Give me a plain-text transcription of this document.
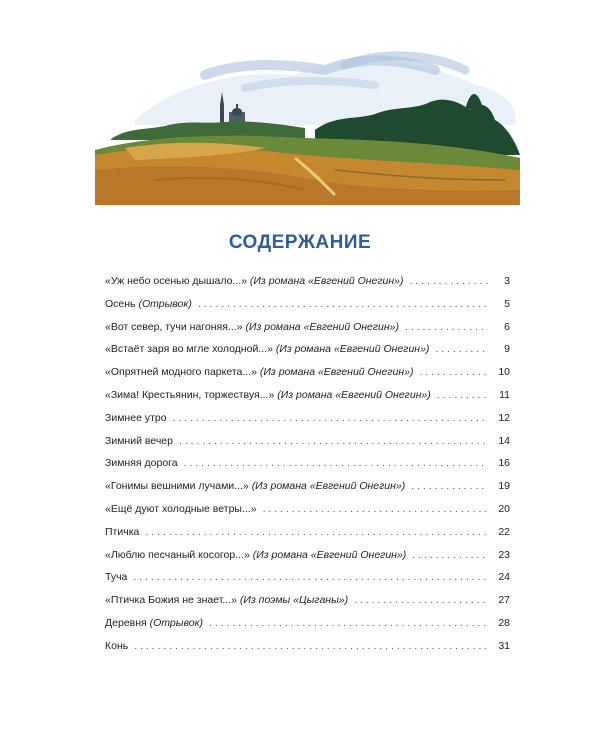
СОДЕРЖАНИЕ
«Уж небо осенью дышало...» (Из романа «Евгений Онегин») . . .	3
Осень (Отрывок) . . .	5
«Вот север, тучи нагоняя...» (Из романа «Евгений Онегин») . . .	6
«Встаёт заря во мгле холодной...» (Из романа «Евгений Онегин») . . .	9
«Опрятней модного паркета...» (Из романа «Евгений Онегин») . . .	10
«Зима! Крестьянин, торжествуя...» (Из романа «Евгений Онегин») . . .	11
Зимнее утро . . .	12
Зимний вечер . . .	14
Зимняя дорога . . .	16
«Гонимы вешними лучами...» (Из романа «Евгений Онегин») . . .	19
«Ещё дуют холодные ветры...» . . .	20
Птичка . . .	22
«Люблю песчаный косогор...» (Из романа «Евгений Онегин») . . .	23
Туча . . .	24
«Птичка Божия не знает...» (Из поэмы «Цыганы») . . .	27
Деревня (Отрывок) . . .	28
Конь . . .	31
